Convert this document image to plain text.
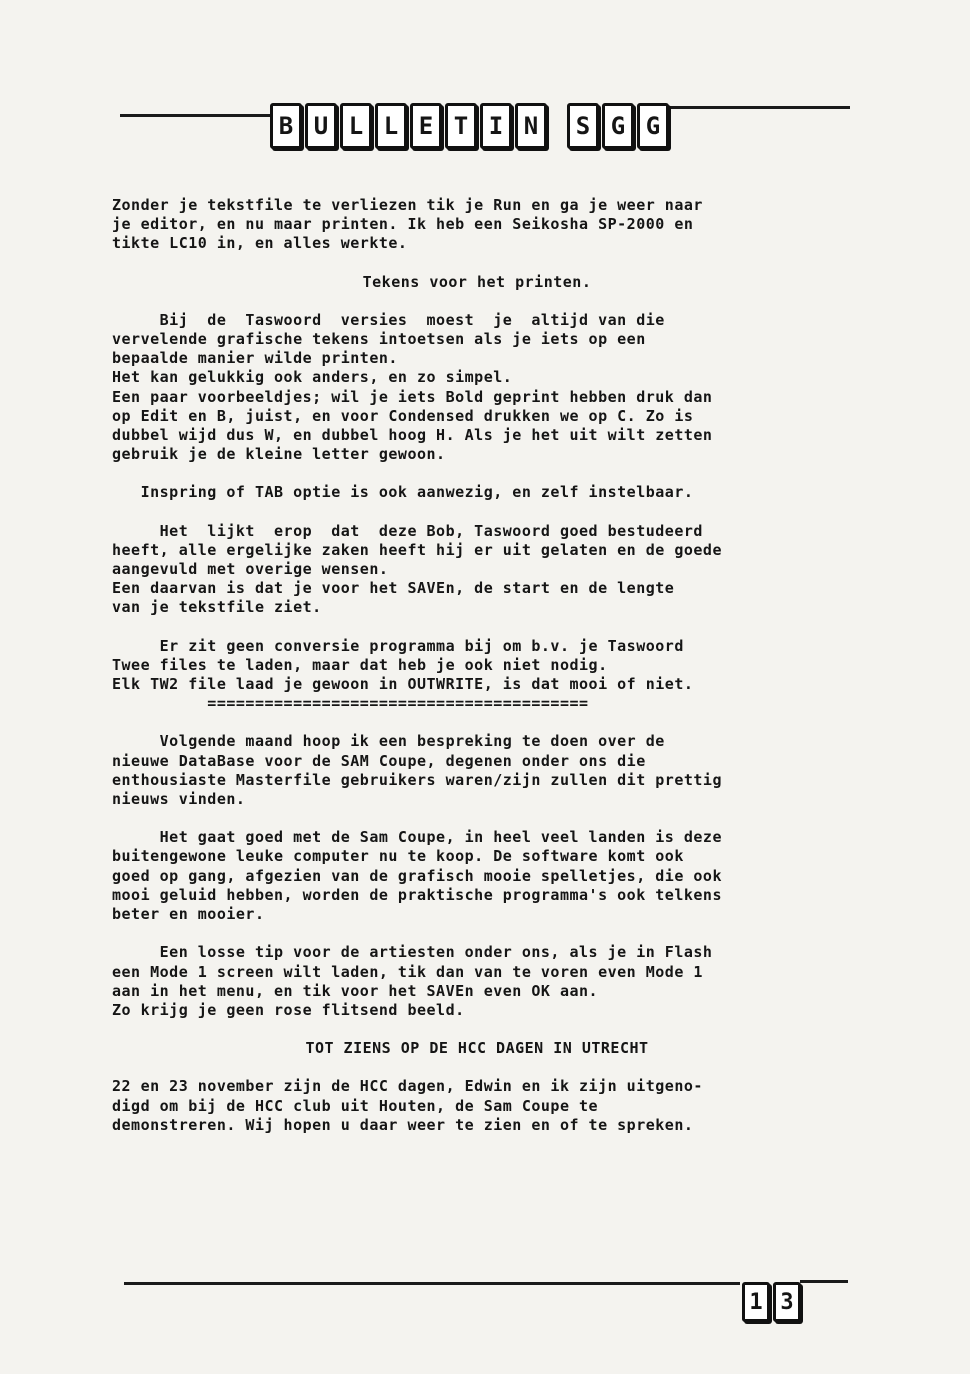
B U L L E T I N	S G G
Zonder je tekstfile te verliezen tik je Run en ga je weer naar
je editor, en nu maar printen. Ik heb een Seikosha SP-2000 en
tikte LC10 in, en alles werkte.
Tekens voor het printen.
Bij  de  Taswoord  versies  moest  je  altijd van die
vervelende grafische tekens intoetsen als je iets op een
bepaalde manier wilde printen.
Het kan gelukkig ook anders, en zo simpel.
Een paar voorbeeldjes; wil je iets Bold geprint hebben druk dan
op Edit en B, juist, en voor Condensed drukken we op C. Zo is
dubbel wijd dus W, en dubbel hoog H. Als je het uit wilt zetten
gebruik je de kleine letter gewoon.
Inspring of TAB optie is ook aanwezig, en zelf instelbaar.
Het  lijkt  erop  dat  deze Bob, Taswoord goed bestudeerd
heeft, alle ergelijke zaken heeft hij er uit gelaten en de goede
aangevuld met overige wensen.
Een daarvan is dat je voor het SAVEn, de start en de lengte
van je tekstfile ziet.
Er zit geen conversie programma bij om b.v. je Taswoord
Twee files te laden, maar dat heb je ook niet nodig.
Elk TW2 file laad je gewoon in OUTWRITE, is dat mooi of niet.
========================================
Volgende maand hoop ik een bespreking te doen over de
nieuwe DataBase voor de SAM Coupe, degenen onder ons die
enthousiaste Masterfile gebruikers waren/zijn zullen dit prettig
nieuws vinden.
Het gaat goed met de Sam Coupe, in heel veel landen is deze
buitengewone leuke computer nu te koop. De software komt ook
goed op gang, afgezien van de grafisch mooie spelletjes, die ook
mooi geluid hebben, worden de praktische programma's ook telkens
beter en mooier.
Een losse tip voor de artiesten onder ons, als je in Flash
een Mode 1 screen wilt laden, tik dan van te voren even Mode 1
aan in het menu, en tik voor het SAVEn even OK aan.
Zo krijg je geen rose flitsend beeld.
TOT ZIENS OP DE HCC DAGEN IN UTRECHT
22 en 23 november zijn de HCC dagen, Edwin en ik zijn uitgeno-
digd om bij de HCC club uit Houten, de Sam Coupe te
demonstreren. Wij hopen u daar weer te zien en of te spreken.
1 3
